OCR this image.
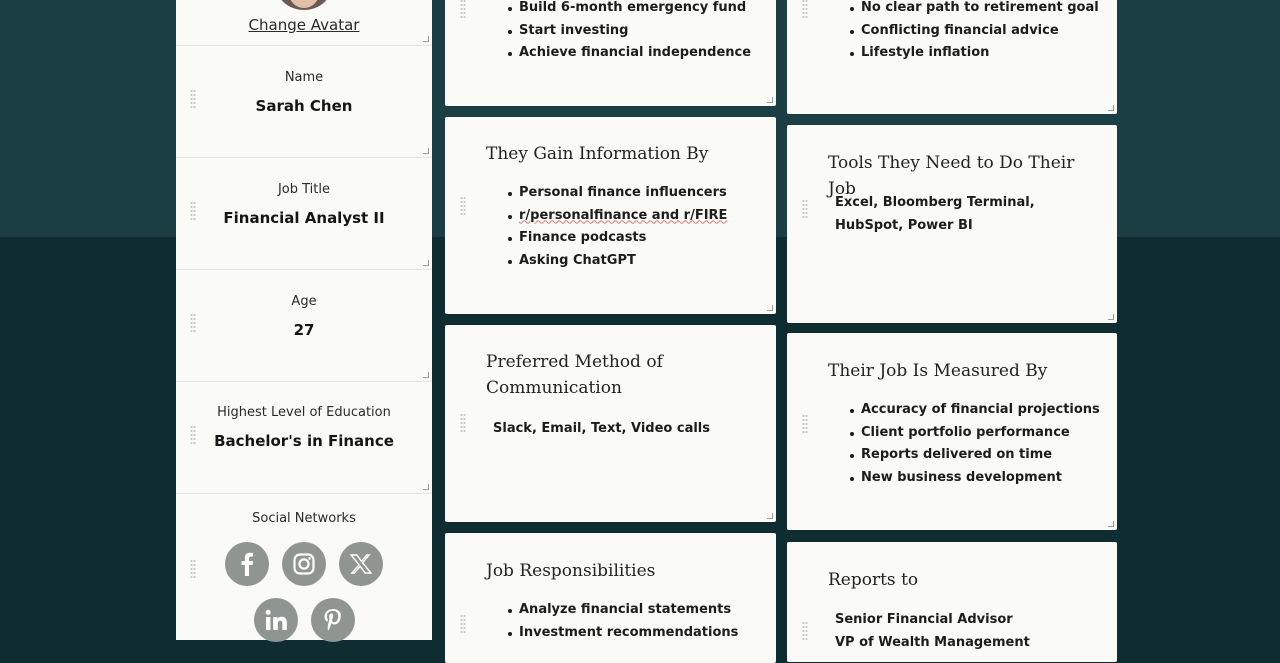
Change Avatar
Name
Sarah Chen
Job Title
Financial Analyst II
Age
27
Highest Level of Education
Bachelor's in Finance
Social Networks
Build 6-month emergency fund
Start investing
Achieve financial independence
No clear path to retirement goal
Conflicting financial advice
Lifestyle inflation
They Gain Information By
Personal finance influencers
r/personalfinance and r/FIRE
Finance podcasts
Asking ChatGPT
Tools They Need to Do Their Job

Excel, Bloomberg Terminal, HubSpot, Power BI

Preferred Method of Communication

Slack, Email, Text, Video calls

Their Job Is Measured By
Accuracy of financial projections
Client portfolio performance
Reports delivered on time
New business development
Job Responsibilities
Analyze financial statements
Investment recommendations
Reports to

Senior Financial Advisor

VP of Wealth Management
